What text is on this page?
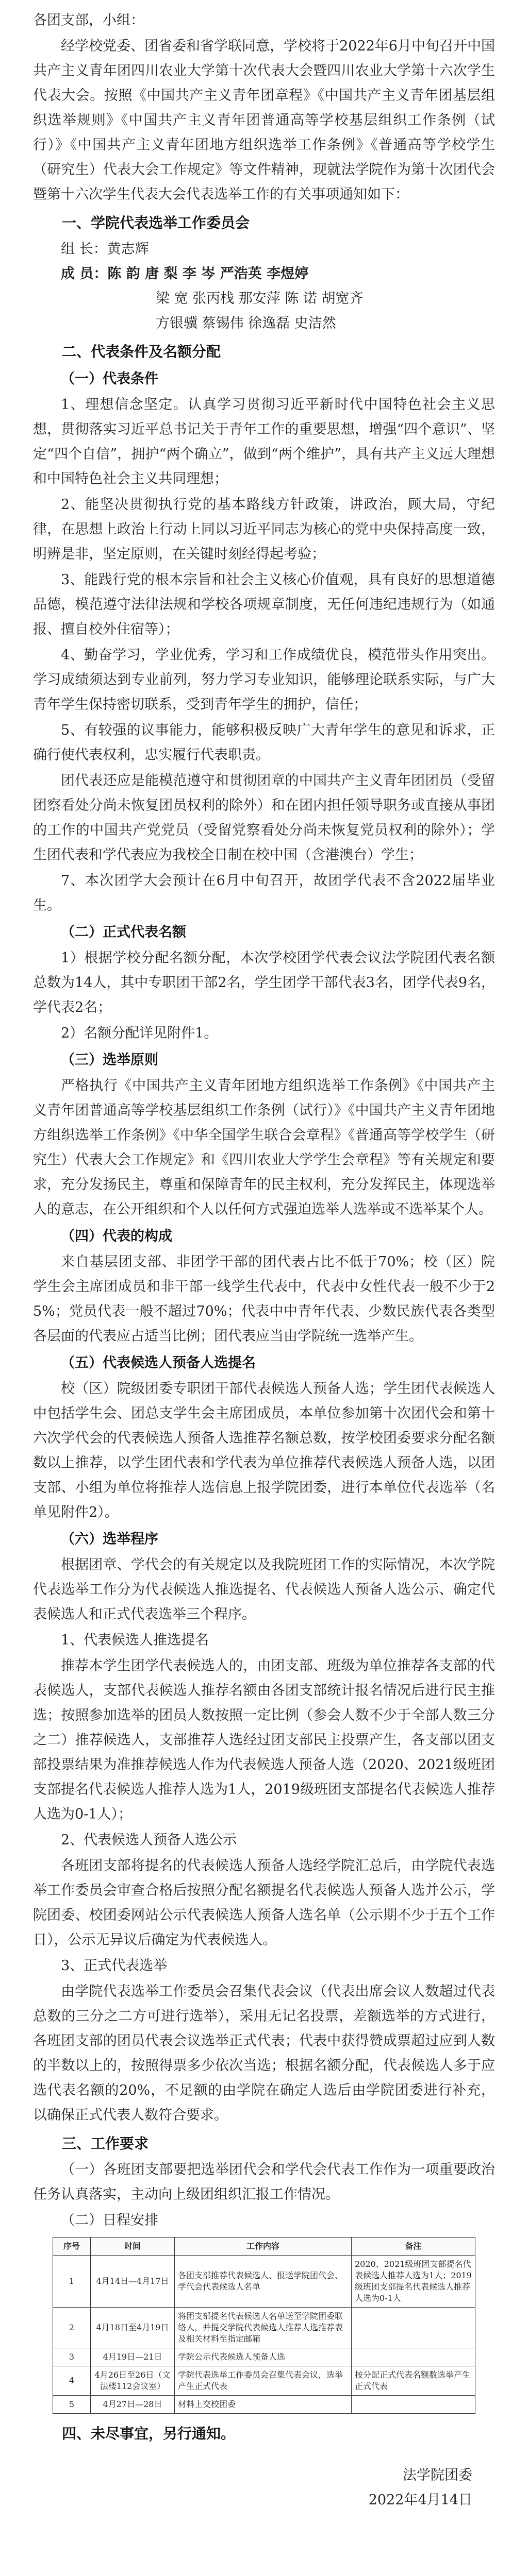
各团支部，小组：

经学校党委、团省委和省学联同意，学校将于2022年6月中旬召开中国共产主义青年团四川农业大学第十次代表大会暨四川农业大学第十六次学生代表大会。按照《中国共产主义青年团章程》《中国共产主义青年团基层组织选举规则》《中国共产主义青年团普通高等学校基层组织工作条例（试行）》《中国共产主义青年团地方组织选举工作条例》《普通高等学校学生（研究生）代表大会工作规定》等文件精神，现就法学院作为第十次团代会暨第十六次学生代表大会代表选举工作的有关事项通知如下：

一、学院代表选举工作委员会

组 长：黄志辉

成 员：陈 韵 唐 梨 李 岑 严浩英 李煜婷

梁 宽 张丙栈 那安萍 陈 诺 胡宽齐

方银骥 蔡锡伟 徐逸磊 史洁然

二、代表条件及名额分配

（一）代表条件

1、理想信念坚定。认真学习贯彻习近平新时代中国特色社会主义思想，贯彻落实习近平总书记关于青年工作的重要思想，增强“四个意识”、坚定“四个自信”，拥护“两个确立”，做到“两个维护”，具有共产主义远大理想和中国特色社会主义共同理想；

2、能坚决贯彻执行党的基本路线方针政策，讲政治，顾大局，守纪律，在思想上政治上行动上同以习近平同志为核心的党中央保持高度一致，明辨是非，坚定原则，在关键时刻经得起考验；

3、能践行党的根本宗旨和社会主义核心价值观，具有良好的思想道德品德，模范遵守法律法规和学校各项规章制度，无任何违纪违规行为（如通报、擅自校外住宿等）；

4、勤奋学习，学业优秀，学习和工作成绩优良，模范带头作用突出。学习成绩须达到专业前列，努力学习专业知识，能够理论联系实际，与广大青年学生保持密切联系，受到青年学生的拥护，信任；

5、有较强的议事能力，能够积极反映广大青年学生的意见和诉求，正确行使代表权利，忠实履行代表职责。

团代表还应是能模范遵守和贯彻团章的中国共产主义青年团团员（受留团察看处分尚未恢复团员权利的除外）和在团内担任领导职务或直接从事团的工作的中国共产党党员（受留党察看处分尚未恢复党员权利的除外）；学生团代表和学代表应为我校全日制在校中国（含港澳台）学生；

7、本次团学大会预计在6月中旬召开，故团学代表不含2022届毕业生。

（二）正式代表名额

1）根据学校分配名额分配，本次学校团学代表会议法学院团代表名额总数为14人，其中专职团干部2名，学生团学干部代表3名，团学代表9名，学代表2名；

2）名额分配详见附件1。

（三）选举原则

严格执行《中国共产主义青年团地方组织选举工作条例》《中国共产主义青年团普通高等学校基层组织工作条例（试行）》《中国共产主义青年团地方组织选举工作条例》《中华全国学生联合会章程》《普通高等学校学生（研究生）代表大会工作规定》和《四川农业大学学生会章程》等有关规定和要求，充分发扬民主，尊重和保障青年的民主权利，充分发挥民主，体现选举人的意志，在公开组织和个人以任何方式强迫选举人选举或不选举某个人。

（四）代表的构成

来自基层团支部、非团学干部的团代表占比不低于70%；校（区）院学生会主席团成员和非干部一线学生代表中，代表中女性代表一般不少于25%；党员代表一般不超过70%；代表中中青年代表、少数民族代表各类型各层面的代表应占适当比例；团代表应当由学院统一选举产生。

（五）代表候选人预备人选提名

校（区）院级团委专职团干部代表候选人预备人选；学生团代表候选人中包括学生会、团总支学生会主席团成员，本单位参加第十次团代会和第十六次学代会的代表候选人预备人选推荐名额总数，按学校团委要求分配名额数以上推荐，以学生团代表和学代表为单位推荐代表候选人预备人选，以团支部、小组为单位将推荐人选信息上报学院团委，进行本单位代表选举（名单见附件2）。

（六）选举程序

根据团章、学代会的有关规定以及我院班团工作的实际情况，本次学院代表选举工作分为代表候选人推选提名、代表候选人预备人选公示、确定代表候选人和正式代表选举三个程序。

1、代表候选人推选提名

推荐本学生团学代表候选人的，由团支部、班级为单位推荐各支部的代表候选人，支部代表候选人推荐名额由各团支部统计报名情况后进行民主推选；按照参加选举的团员人数按照一定比例（参会人数不少于全部人数三分之二）推荐候选人，支部推荐人选经过团支部民主投票产生，各支部以团支部投票结果为准推荐候选人作为代表候选人预备人选（2020、2021级班团支部提名代表候选人推荐人选为1人，2019级班团支部提名代表候选人推荐人选为0-1人）；

2、代表候选人预备人选公示

各班团支部将提名的代表候选人预备人选经学院汇总后，由学院代表选举工作委员会审查合格后按照分配名额提名代表候选人预备人选并公示，学院团委、校团委网站公示代表候选人预备人选名单（公示期不少于五个工作日），公示无异议后确定为代表候选人。

3、正式代表选举

由学院代表选举工作委员会召集代表会议（代表出席会议人数超过代表总数的三分之二方可进行选举），采用无记名投票，差额选举的方式进行，各班团支部的团员代表会议选举正式代表；代表中获得赞成票超过应到人数的半数以上的，按照得票多少依次当选；根据名额分配，代表候选人多于应选代表名额的20%，不足额的由学院在确定人选后由学院团委进行补充，以确保正式代表人数符合要求。

三、工作要求

（一）各班团支部要把选举团代会和学代会代表工作作为一项重要政治任务认真落实，主动向上级团组织汇报工作情况。

（二）日程安排

序号	时间	工作内容	备注
1	4月14日—4月17日	各团支部推荐代表候选人、报送学院团代会、学代会代表候选人名单	2020、2021级班团支部提名代表候选人推荐人选为1人；2019级班团支部提名代表候选人推荐人选为0-1人
2	4月18日至4月19日	将团支部提名代表候选人名单送至学院团委联络人，并提交学院代表候选人推荐人选推荐表及相关材料至指定邮箱	
3	4月19日—21日	学院公示代表候选人预备人选	
4	4月26日至26日（文法楼112会议室）	学院代表选举工作委员会召集代表会议，选举产生正式代表	按分配正式代表名额数选举产生正式代表
5	4月27日—28日	材料上交校团委	

四、未尽事宜，另行通知。

法学院团委

2022年4月14日
